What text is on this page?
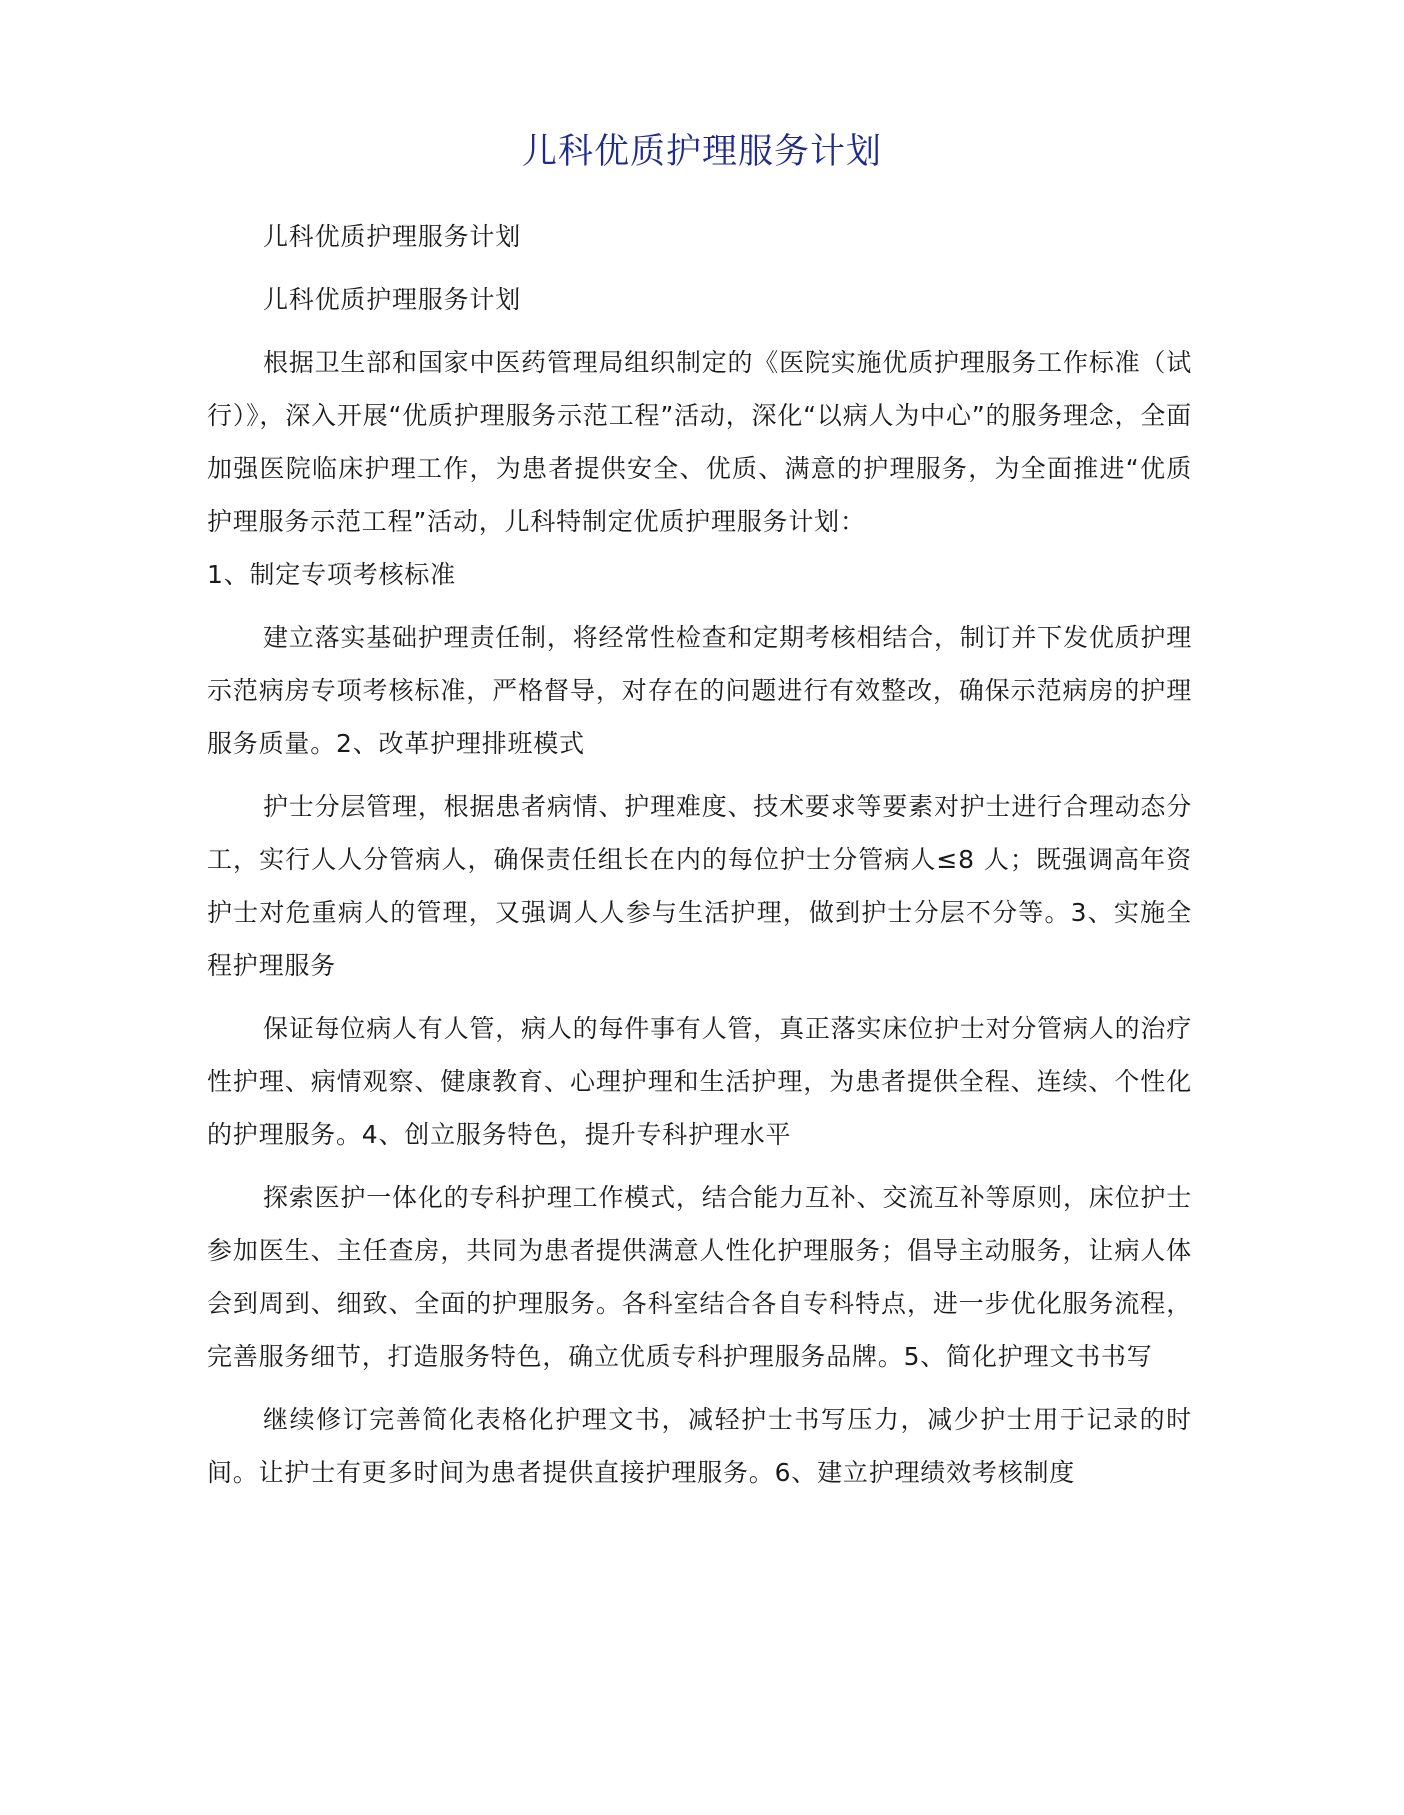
儿科优质护理服务计划

儿科优质护理服务计划

儿科优质护理服务计划

根据卫生部和国家中医药管理局组织制定的《医院实施优质护理服务工作标准（试行）》，深入开展“优质护理服务示范工程”活动，深化“以病人为中心”的服务理念，全面加强医院临床护理工作，为患者提供安全、优质、满意的护理服务，为全面推进“优质护理服务示范工程”活动，儿科特制定优质护理服务计划：

1、制定专项考核标准

建立落实基础护理责任制，将经常性检查和定期考核相结合，制订并下发优质护理示范病房专项考核标准，严格督导，对存在的问题进行有效整改，确保示范病房的护理服务质量。2、改革护理排班模式

护士分层管理，根据患者病情、护理难度、技术要求等要素对护士进行合理动态分工，实行人人分管病人，确保责任组长在内的每位护士分管病人≤8 人；既强调高年资护士对危重病人的管理，又强调人人参与生活护理，做到护士分层不分等。3、实施全程护理服务

保证每位病人有人管，病人的每件事有人管，真正落实床位护士对分管病人的治疗性护理、病情观察、健康教育、心理护理和生活护理，为患者提供全程、连续、个性化的护理服务。4、创立服务特色，提升专科护理水平

探索医护一体化的专科护理工作模式，结合能力互补、交流互补等原则，床位护士参加医生、主任查房，共同为患者提供满意人性化护理服务；倡导主动服务，让病人体会到周到、细致、全面的护理服务。各科室结合各自专科特点，进一步优化服务流程，完善服务细节，打造服务特色，确立优质专科护理服务品牌。5、简化护理文书书写

继续修订完善简化表格化护理文书，减轻护士书写压力，减少护士用于记录的时间。让护士有更多时间为患者提供直接护理服务。6、建立护理绩效考核制度
